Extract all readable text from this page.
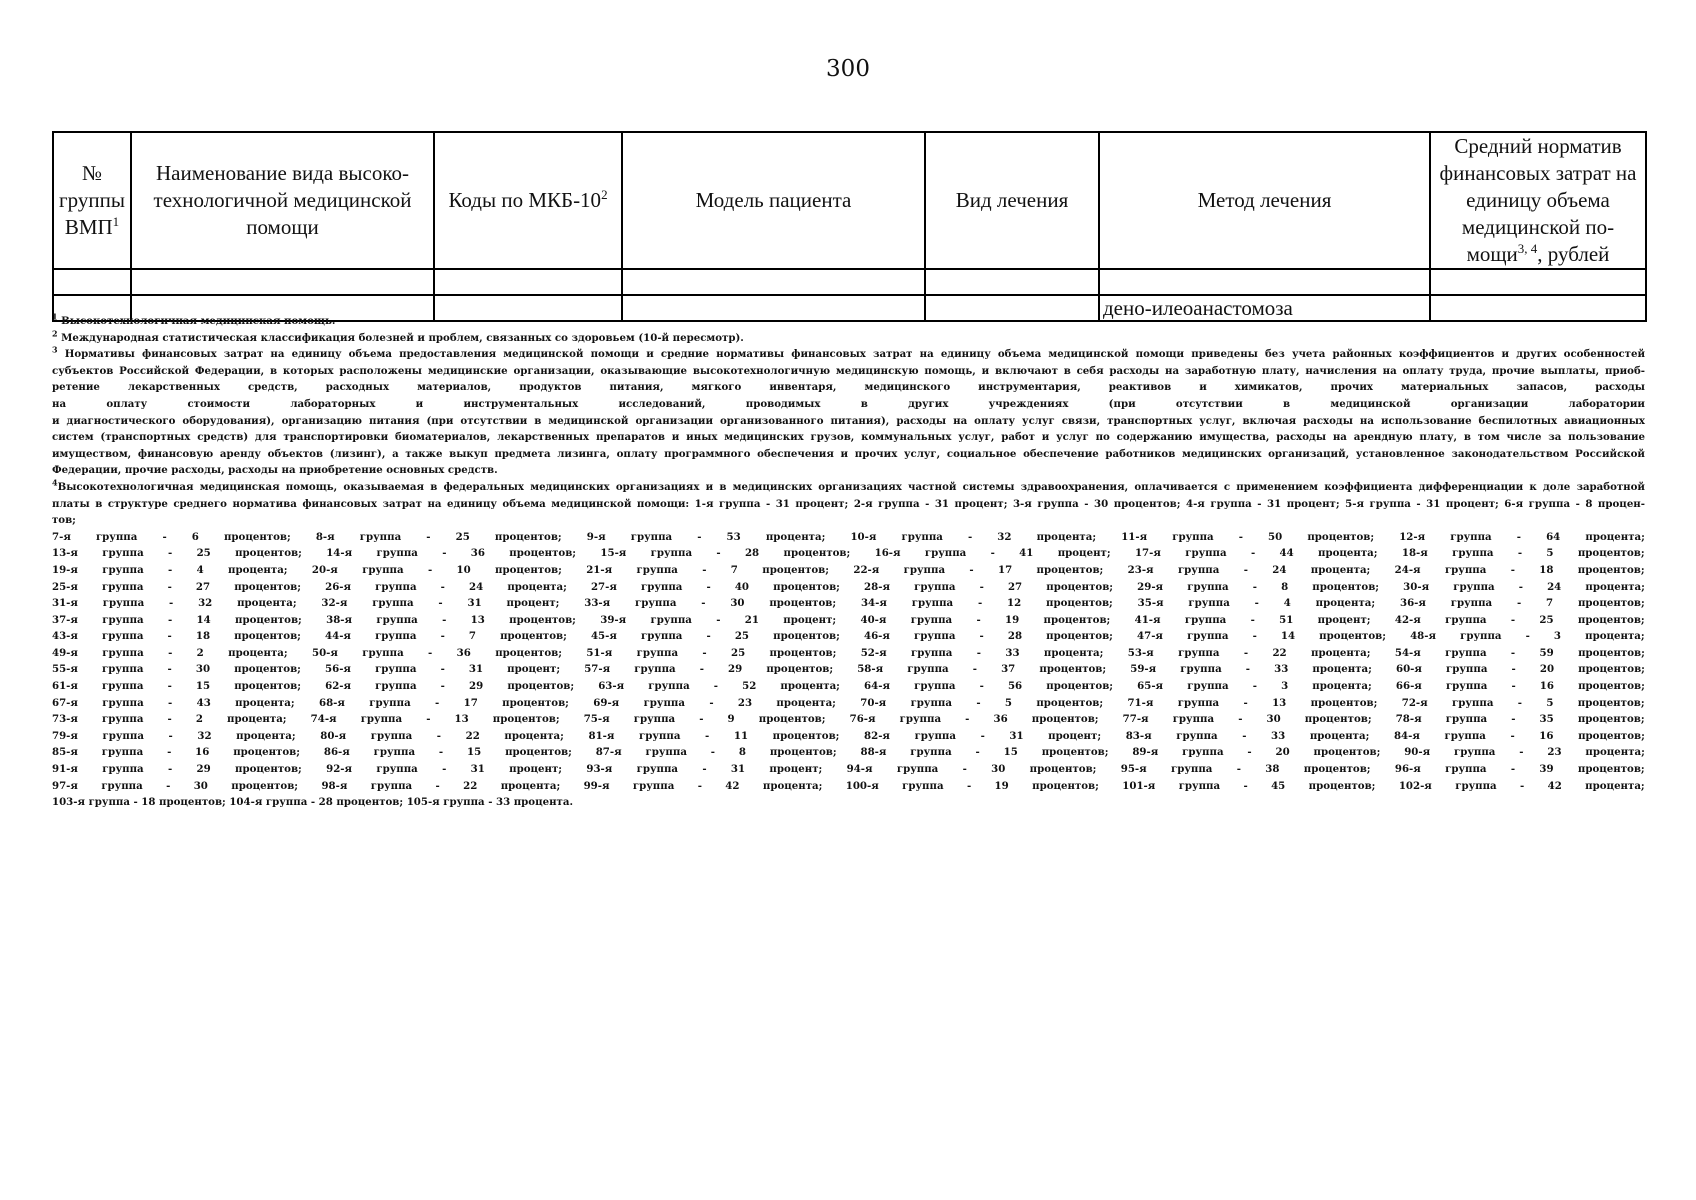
300
№ группы ВМП$^1$	Наименование вида высоко-технологичной медицинской помощи	Коды по МКБ-$10^2$	Модель пациента	Вид лечения	Метод лечения	Средний норматив финансовых затрат на единицу объема медицинской по-мощи$^{3, 4}$, рублей

					дено-илеоанастомоза	

$^1$ Высокотехнологичная медицинская помощь.

$^2$ Международная статистическая классификация болезней и проблем, связанных со здоровьем (10-й пересмотр).

$^3$ Нормативы финансовых затрат на единицу объема предоставления медицинской помощи и средние нормативы финансовых затрат на единицу объема медицинской помощи приведены без учета районных коэффициентов и других особенностей

субъектов Российской Федерации, в которых расположены медицинские организации, оказывающие высокотехнологичную медицинскую помощь, и включают в себя расходы на заработную плату, начисления на оплату труда, прочие выплаты, приоб-

ретение лекарственных средств, расходных материалов, продуктов питания, мягкого инвентаря, медицинского инструментария, реактивов и химикатов, прочих материальных запасов, расходы

на оплату стоимости лабораторных и инструментальных исследований, проводимых в других учреждениях (при отсутствии в медицинской организации лаборатории

и диагностического оборудования), организацию питания (при отсутствии в медицинской организации организованного питания), расходы на оплату услуг связи, транспортных услуг, включая расходы на использование беспилотных авиационных

систем (транспортных средств) для транспортировки биоматериалов, лекарственных препаратов и иных медицинских грузов, коммунальных услуг, работ и услуг по содержанию имущества, расходы на арендную плату, в том числе за пользование

имуществом, финансовую аренду объектов (лизинг), а также выкуп предмета лизинга, оплату программного обеспечения и прочих услуг, социальное обеспечение работников медицинских организаций, установленное законодательством Российской

Федерации, прочие расходы, расходы на приобретение основных средств.

$^4$Высокотехнологичная медицинская помощь, оказываемая в федеральных медицинских организациях и в медицинских организациях частной системы здравоохранения, оплачивается с применением коэффициента дифференциации к доле заработной

платы в структуре среднего норматива финансовых затрат на единицу объема медицинской помощи: 1-я группа - 31 процент; 2-я группа - 31 процент; 3-я группа - 30 процентов; 4-я группа - 31 процент; 5-я группа - 31 процент; 6-я группа - 8 процен-

тов;

7-я группа - 6 процентов; 8-я группа - 25 процентов; 9-я группа - 53 процента; 10-я группа - 32 процента; 11-я группа - 50 процентов; 12-я группа - 64 процента;

13-я группа - 25 процентов; 14-я группа - 36 процентов; 15-я группа - 28 процентов; 16-я группа - 41 процент; 17-я группа - 44 процента; 18-я группа - 5 процентов;

19-я группа - 4 процента; 20-я группа - 10 процентов; 21-я группа - 7 процентов; 22-я группа - 17 процентов; 23-я группа - 24 процента; 24-я группа - 18 процентов;

25-я группа - 27 процентов; 26-я группа - 24 процента; 27-я группа - 40 процентов; 28-я группа - 27 процентов; 29-я группа - 8 процентов; 30-я группа - 24 процента;

31-я группа - 32 процента; 32-я группа - 31 процент; 33-я группа - 30 процентов; 34-я группа - 12 процентов; 35-я группа - 4 процента; 36-я группа - 7 процентов;

37-я группа - 14 процентов; 38-я группа - 13 процентов; 39-я группа - 21 процент; 40-я группа - 19 процентов; 41-я группа - 51 процент; 42-я группа - 25 процентов;

43-я группа - 18 процентов; 44-я группа - 7 процентов; 45-я группа - 25 процентов; 46-я группа - 28 процентов; 47-я группа - 14 процентов; 48-я группа - 3 процента;

49-я группа - 2 процента; 50-я группа - 36 процентов; 51-я группа - 25 процентов; 52-я группа - 33 процента; 53-я группа - 22 процента; 54-я группа - 59 процентов;

55-я группа - 30 процентов; 56-я группа - 31 процент; 57-я группа - 29 процентов; 58-я группа - 37 процентов; 59-я группа - 33 процента; 60-я группа - 20 процентов;

61-я группа - 15 процентов; 62-я группа - 29 процентов; 63-я группа - 52 процента; 64-я группа - 56 процентов; 65-я группа - 3 процента; 66-я группа - 16 процентов;

67-я группа - 43 процента; 68-я группа - 17 процентов; 69-я группа - 23 процента; 70-я группа - 5 процентов; 71-я группа - 13 процентов; 72-я группа - 5 процентов;

73-я группа - 2 процента; 74-я группа - 13 процентов; 75-я группа - 9 процентов; 76-я группа - 36 процентов; 77-я группа - 30 процентов; 78-я группа - 35 процентов;

79-я группа - 32 процента; 80-я группа - 22 процента; 81-я группа - 11 процентов; 82-я группа - 31 процент; 83-я группа - 33 процента; 84-я группа - 16 процентов;

85-я группа - 16 процентов; 86-я группа - 15 процентов; 87-я группа - 8 процентов; 88-я группа - 15 процентов; 89-я группа - 20 процентов; 90-я группа - 23 процента;

91-я группа - 29 процентов; 92-я группа - 31 процент; 93-я группа - 31 процент; 94-я группа - 30 процентов; 95-я группа - 38 процентов; 96-я группа - 39 процентов;

97-я группа - 30 процентов; 98-я группа - 22 процента; 99-я группа - 42 процента; 100-я группа - 19 процентов; 101-я группа - 45 процентов; 102-я группа - 42 процента;

103-я группа - 18 процентов; 104-я группа - 28 процентов; 105-я группа - 33 процента.
